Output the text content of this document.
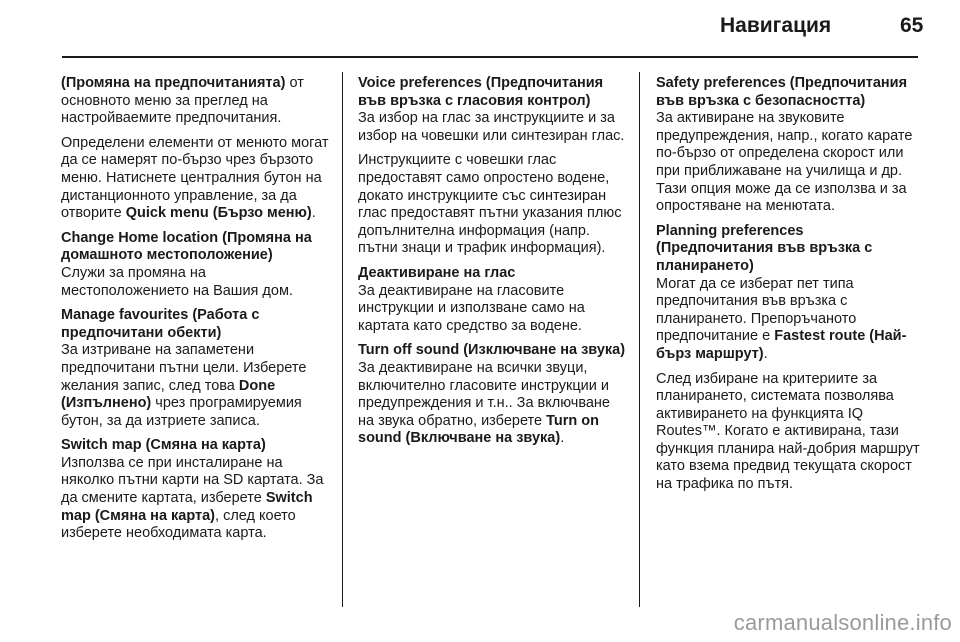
Навигация	65

(Промяна на предпочитанията) от основното меню за преглед на настройваемите предпочитания.

Определени елементи от менюто могат да се намерят по-бързо чрез бързото меню. Натиснете централния бутон на дистанционното управление, за да отворите Quick menu (Бързо меню).

Change Home location (Промяна на домашното местоположение)
Служи за промяна на местоположението на Вашия дом.
Manage favourites (Работа с предпочитани обекти)
За изтриване на запаметени предпочитани пътни цели. Изберете желания запис, след това Done (Изпълнено) чрез програмируемия бутон, за да изтриете записа.
Switch map (Смяна на карта)
Използва се при инсталиране на няколко пътни карти на SD картата. За да смените картата, изберете Switch map (Смяна на карта), след което изберете необходимата карта.
Voice preferences (Предпочитания във връзка с гласовия контрол)

За избор на глас за инструкциите и за избор на човешки или синтезиран глас.

Инструкциите с човешки глас предоставят само опростено водене, докато инструкциите със синтезиран глас предоставят пътни указания плюс допълнителна информация (напр. пътни знаци и трафик информация).

Деактивиране на глас
За деактивиране на гласовите инструкции и използване само на картата като средство за водене.
Turn off sound (Изключване на звука)
За деактивиране на всички звуци, включително гласовите инструкции и предупреждения и т.н.. За включване на звука обратно, изберете Turn on sound (Включване на звука).
Safety preferences (Предпочитания във връзка с безопасността)
За активиране на звуковите предупреждения, напр., когато карате по-бързо от определена скорост или при приближаване на училища и др. Тази опция може да се използва и за опростяване на менютата.
Planning preferences
(Предпочитания във връзка с планирането)

Могат да се изберат пет типа предпочитания във връзка с планирането. Препоръчаното предпочитание е Fastest route (Най-бърз маршрут).

След избиране на критериите за планирането, системата позволява активирането на функцията IQ Routes™. Когато е активирана, тази функция планира най-добрия маршрут като взема предвид текущата скорост на трафика по пътя.

carmanualsonline.info
